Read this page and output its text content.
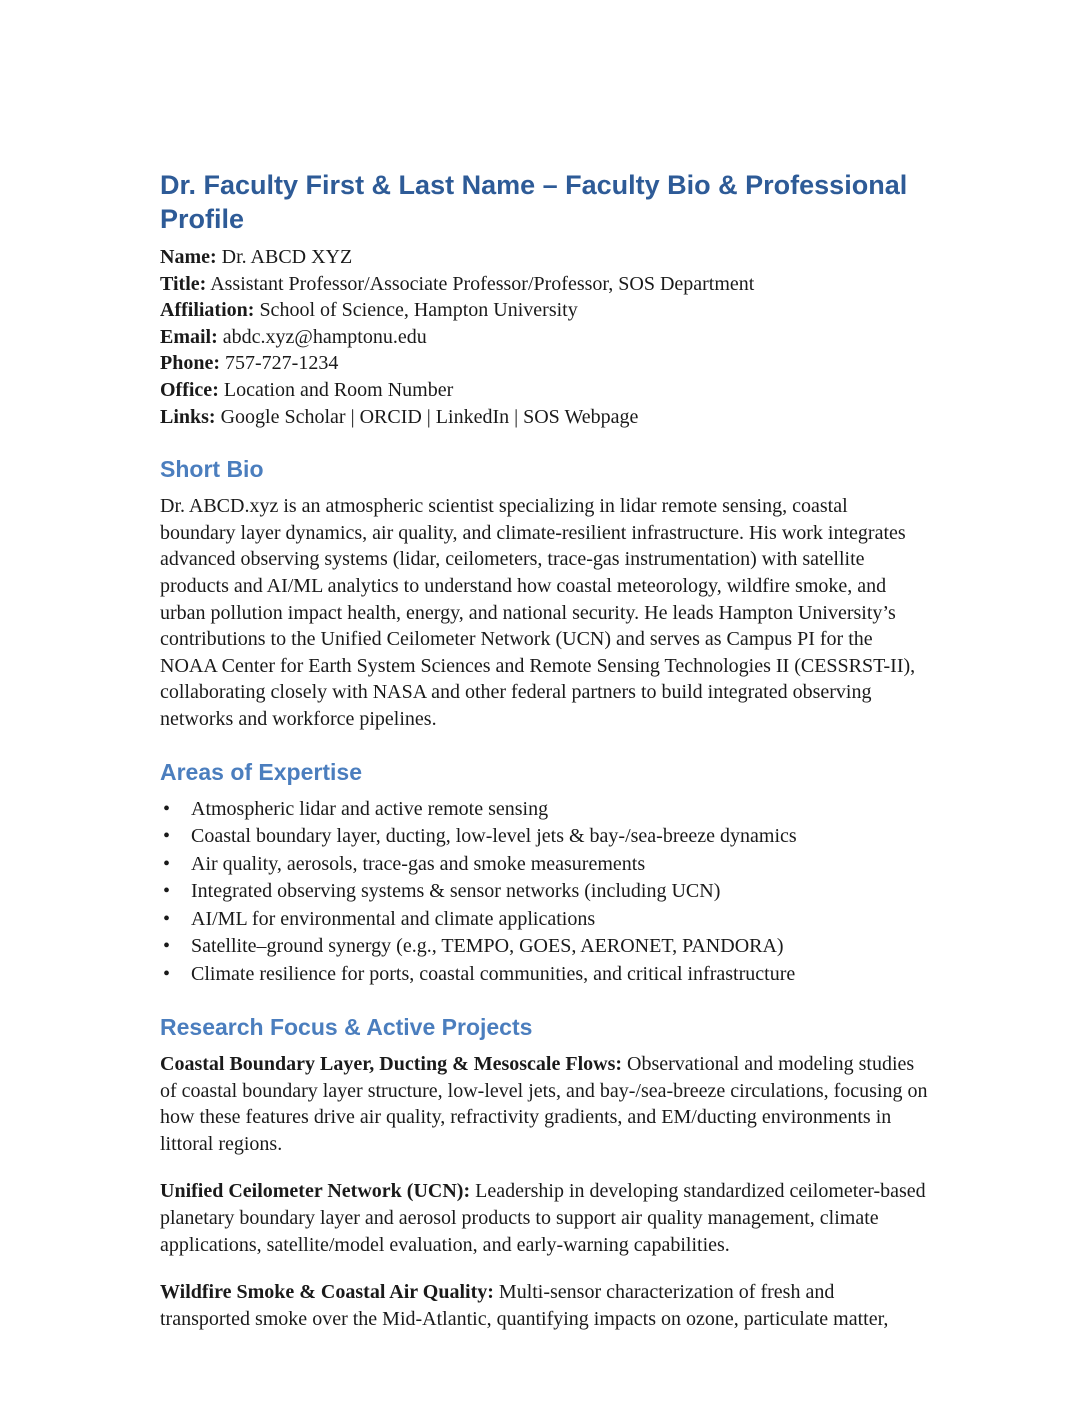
Dr. Faculty First & Last Name – Faculty Bio & Professional Profile

Name: Dr. ABCD XYZ

Title: Assistant Professor/Associate Professor/Professor, SOS Department

Affiliation: School of Science, Hampton University

Email: abdc.xyz@hamptonu.edu

Phone: 757-727-1234

Office: Location and Room Number

Links: Google Scholar | ORCID | LinkedIn | SOS Webpage

Short Bio

Dr. ABCD.xyz is an atmospheric scientist specializing in lidar remote sensing, coastal boundary layer dynamics, air quality, and climate-resilient infrastructure. His work integrates advanced observing systems (lidar, ceilometers, trace-gas instrumentation) with satellite products and AI/ML analytics to understand how coastal meteorology, wildfire smoke, and urban pollution impact health, energy, and national security. He leads Hampton University’s contributions to the Unified Ceilometer Network (UCN) and serves as Campus PI for the NOAA Center for Earth System Sciences and Remote Sensing Technologies II (CESSRST-II), collaborating closely with NASA and other federal partners to build integrated observing networks and workforce pipelines.

Areas of Expertise
• Atmospheric lidar and active remote sensing
• Coastal boundary layer, ducting, low-level jets & bay-/sea-breeze dynamics
• Air quality, aerosols, trace-gas and smoke measurements
• Integrated observing systems & sensor networks (including UCN)
• AI/ML for environmental and climate applications
• Satellite–ground synergy (e.g., TEMPO, GOES, AERONET, PANDORA)
• Climate resilience for ports, coastal communities, and critical infrastructure
Research Focus & Active Projects

Coastal Boundary Layer, Ducting & Mesoscale Flows: Observational and modeling studies of coastal boundary layer structure, low-level jets, and bay-/sea-breeze circulations, focusing on how these features drive air quality, refractivity gradients, and EM/ducting environments in littoral regions.

Unified Ceilometer Network (UCN): Leadership in developing standardized ceilometer-based planetary boundary layer and aerosol products to support air quality management, climate applications, satellite/model evaluation, and early-warning capabilities.

Wildfire Smoke & Coastal Air Quality: Multi-sensor characterization of fresh and transported smoke over the Mid-Atlantic, quantifying impacts on ozone, particulate matter,
